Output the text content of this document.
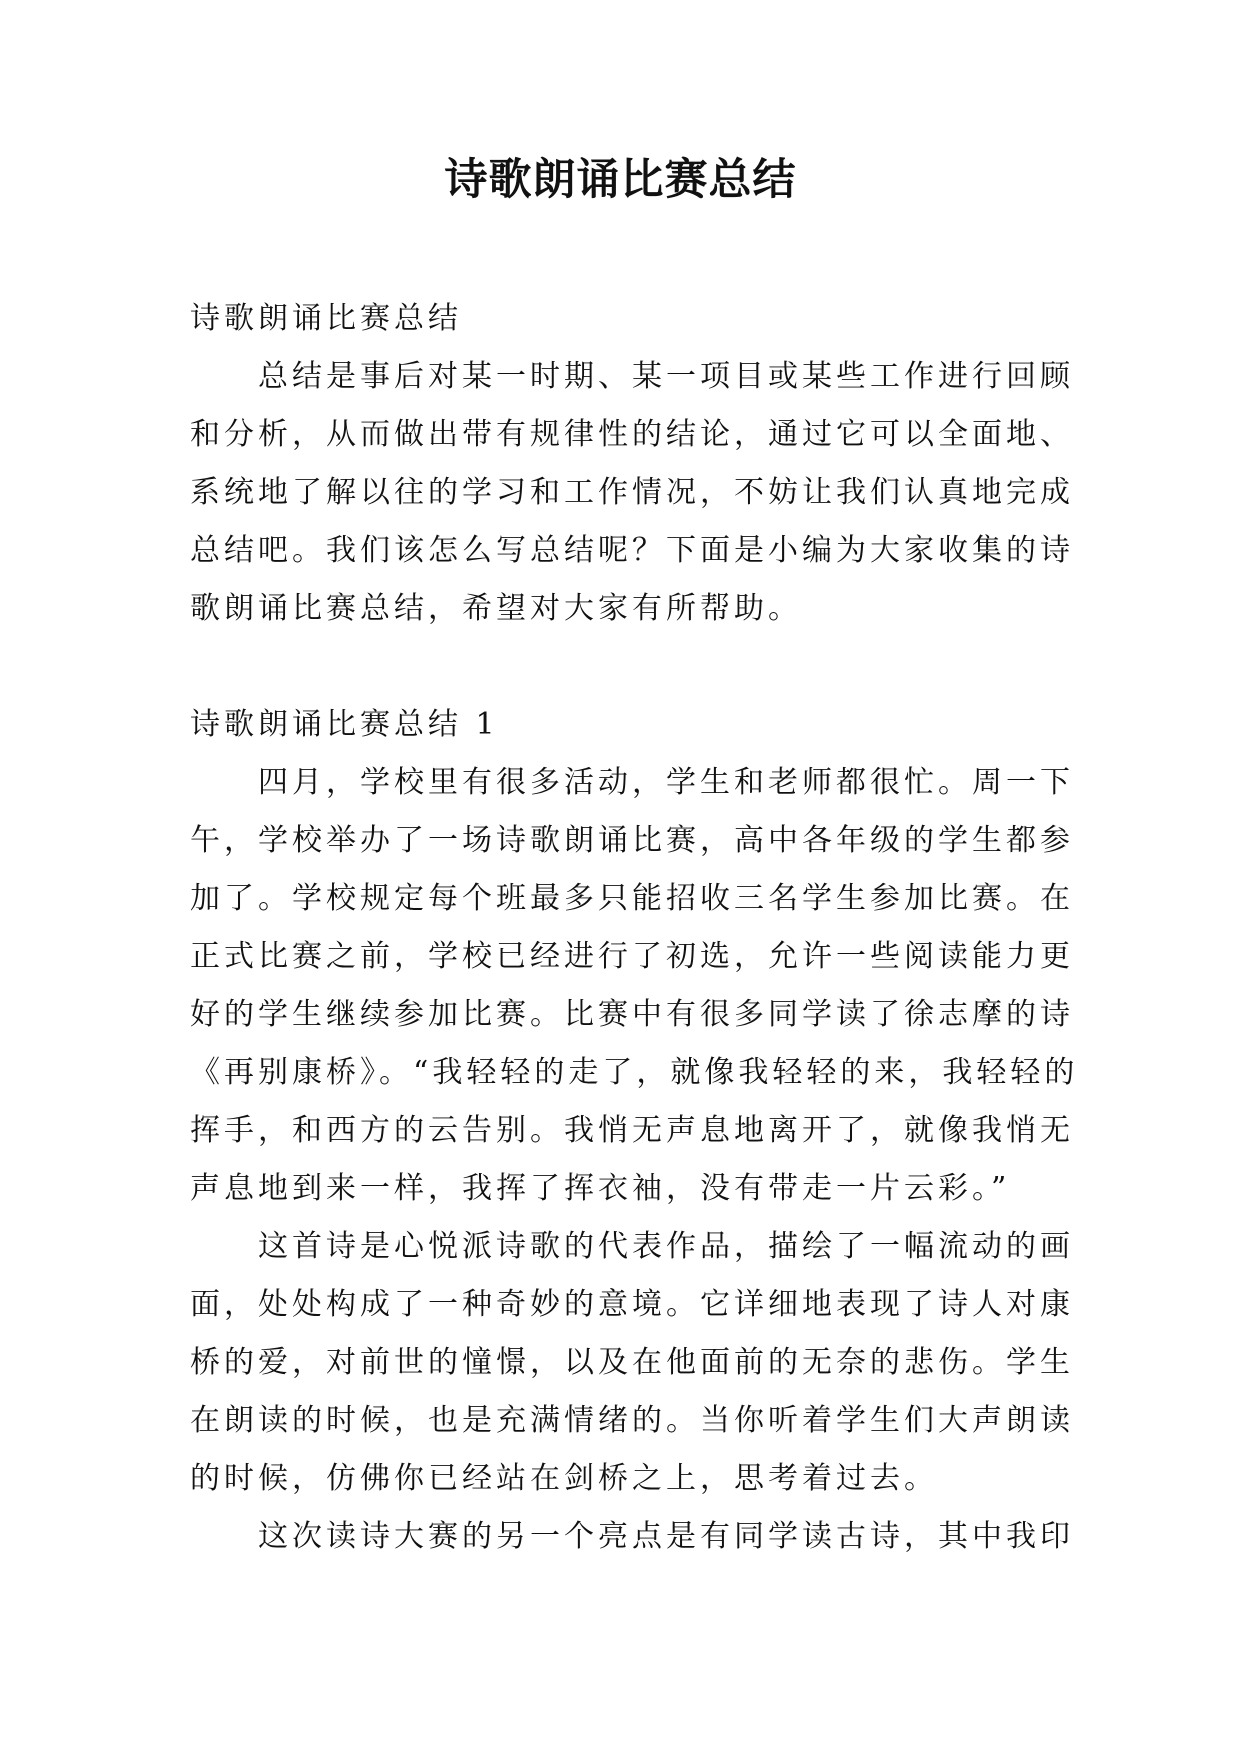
诗歌朗诵比赛总结

诗歌朗诵比赛总结

总结是事后对某一时期、某一项目或某些工作进行回顾
和分析，从而做出带有规律性的结论，通过它可以全面地、
系统地了解以往的学习和工作情况，不妨让我们认真地完成
总结吧。我们该怎么写总结呢？下面是小编为大家收集的诗
歌朗诵比赛总结，希望对大家有所帮助。

诗歌朗诵比赛总结 1

四月，学校里有很多活动，学生和老师都很忙。周一下
午，学校举办了一场诗歌朗诵比赛，高中各年级的学生都参
加了。学校规定每个班最多只能招收三名学生参加比赛。在
正式比赛之前，学校已经进行了初选，允许一些阅读能力更
好的学生继续参加比赛。比赛中有很多同学读了徐志摩的诗
《再别康桥》。“我轻轻的走了，就像我轻轻的来，我轻轻的
挥手，和西方的云告别。我悄无声息地离开了，就像我悄无
声息地到来一样，我挥了挥衣袖，没有带走一片云彩。”

这首诗是心悦派诗歌的代表作品，描绘了一幅流动的画
面，处处构成了一种奇妙的意境。它详细地表现了诗人对康
桥的爱，对前世的憧憬，以及在他面前的无奈的悲伤。学生
在朗读的时候，也是充满情绪的。当你听着学生们大声朗读
的时候，仿佛你已经站在剑桥之上，思考着过去。

这次读诗大赛的另一个亮点是有同学读古诗，其中我印
